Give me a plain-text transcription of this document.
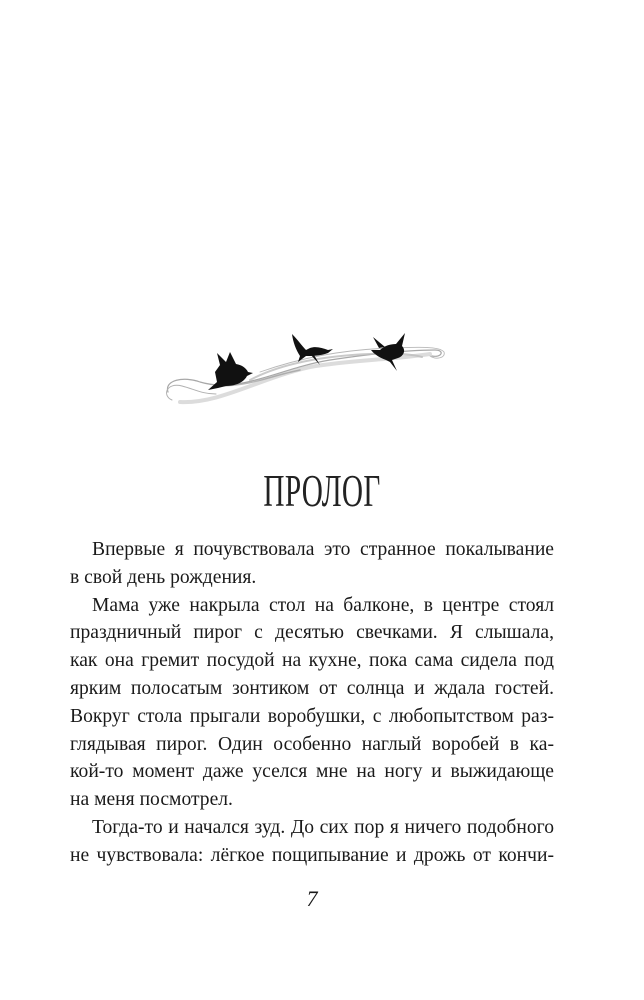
ПРОЛОГ
Впервые я почувствовала это странное покалывание
в свой день рождения.
Мама уже накрыла стол на балконе, в центре стоял
праздничный пирог с десятью свечками. Я слышала,
как она гремит посудой на кухне, пока сама сидела под
ярким полосатым зонтиком от солнца и ждала гостей.
Вокруг стола прыгали воробушки, с любопытством раз-
глядывая пирог. Один особенно наглый воробей в ка-
кой-то момент даже уселся мне на ногу и выжидающе
на меня посмотрел.
Тогда-то и начался зуд. До сих пор я ничего подобного
не чувствовала: лёгкое пощипывание и дрожь от кончи-
7
